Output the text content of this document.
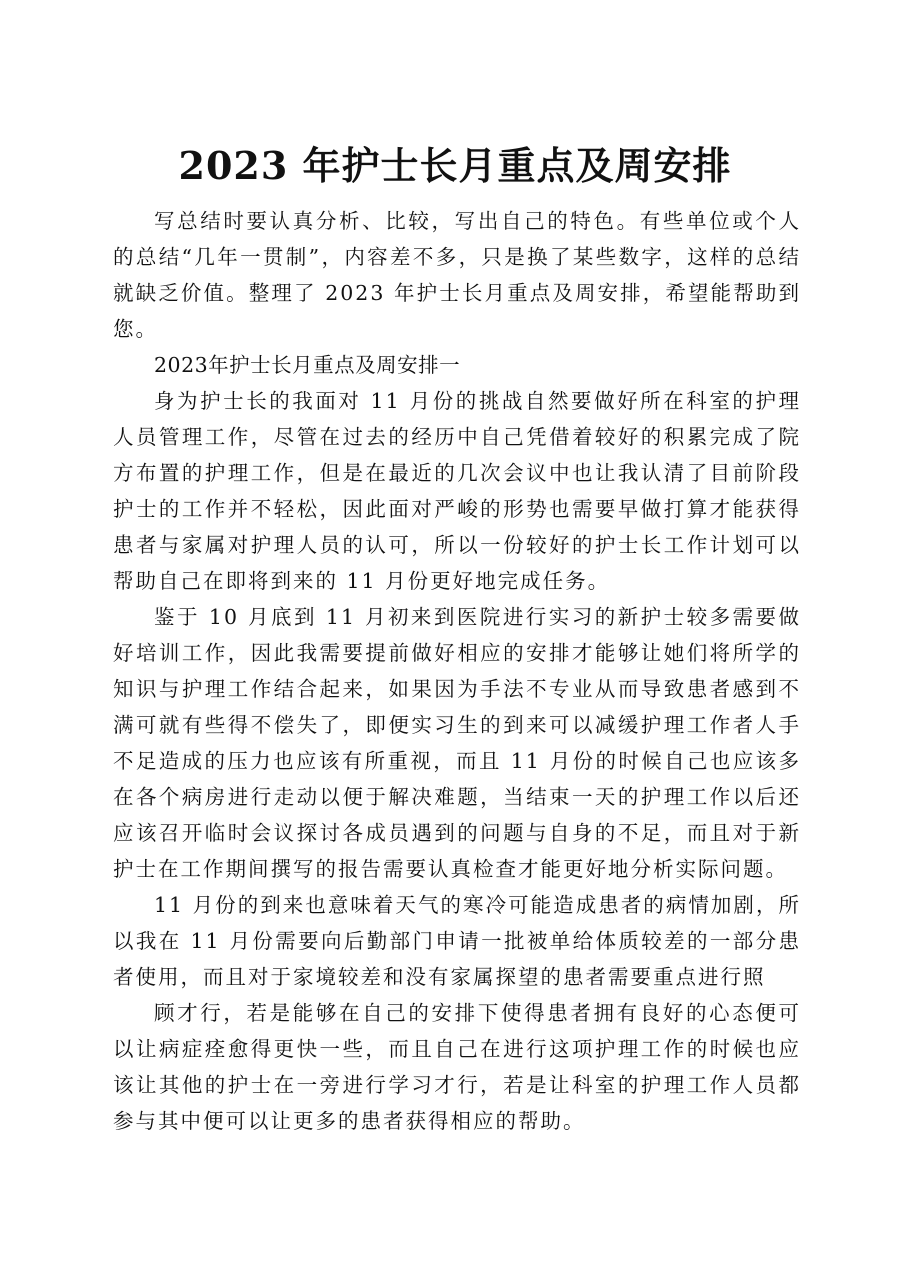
2023 年护士长月重点及周安排

写总结时要认真分析、比较，写出自己的特色。有些单位或个人的总结“几年一贯制”，内容差不多，只是换了某些数字，这样的总结就缺乏价值。整理了 2023 年护士长月重点及周安排，希望能帮助到您。

2023年护士长月重点及周安排一

身为护士长的我面对 11 月份的挑战自然要做好所在科室的护理人员管理工作，尽管在过去的经历中自己凭借着较好的积累完成了院方布置的护理工作，但是在最近的几次会议中也让我认清了目前阶段护士的工作并不轻松，因此面对严峻的形势也需要早做打算才能获得患者与家属对护理人员的认可，所以一份较好的护士长工作计划可以帮助自己在即将到来的 11 月份更好地完成任务。

鉴于 10 月底到 11 月初来到医院进行实习的新护士较多需要做好培训工作，因此我需要提前做好相应的安排才能够让她们将所学的知识与护理工作结合起来，如果因为手法不专业从而导致患者感到不满可就有些得不偿失了，即便实习生的到来可以减缓护理工作者人手不足造成的压力也应该有所重视，而且 11 月份的时候自己也应该多在各个病房进行走动以便于解决难题，当结束一天的护理工作以后还应该召开临时会议探讨各成员遇到的问题与自身的不足，而且对于新护士在工作期间撰写的报告需要认真检查才能更好地分析实际问题。

11 月份的到来也意味着天气的寒冷可能造成患者的病情加剧，所以我在 11 月份需要向后勤部门申请一批被单给体质较差的一部分患者使用，而且对于家境较差和没有家属探望的患者需要重点进行照

顾才行，若是能够在自己的安排下使得患者拥有良好的心态便可以让病症痊愈得更快一些，而且自己在进行这项护理工作的时候也应该让其他的护士在一旁进行学习才行，若是让科室的护理工作人员都参与其中便可以让更多的患者获得相应的帮助。
